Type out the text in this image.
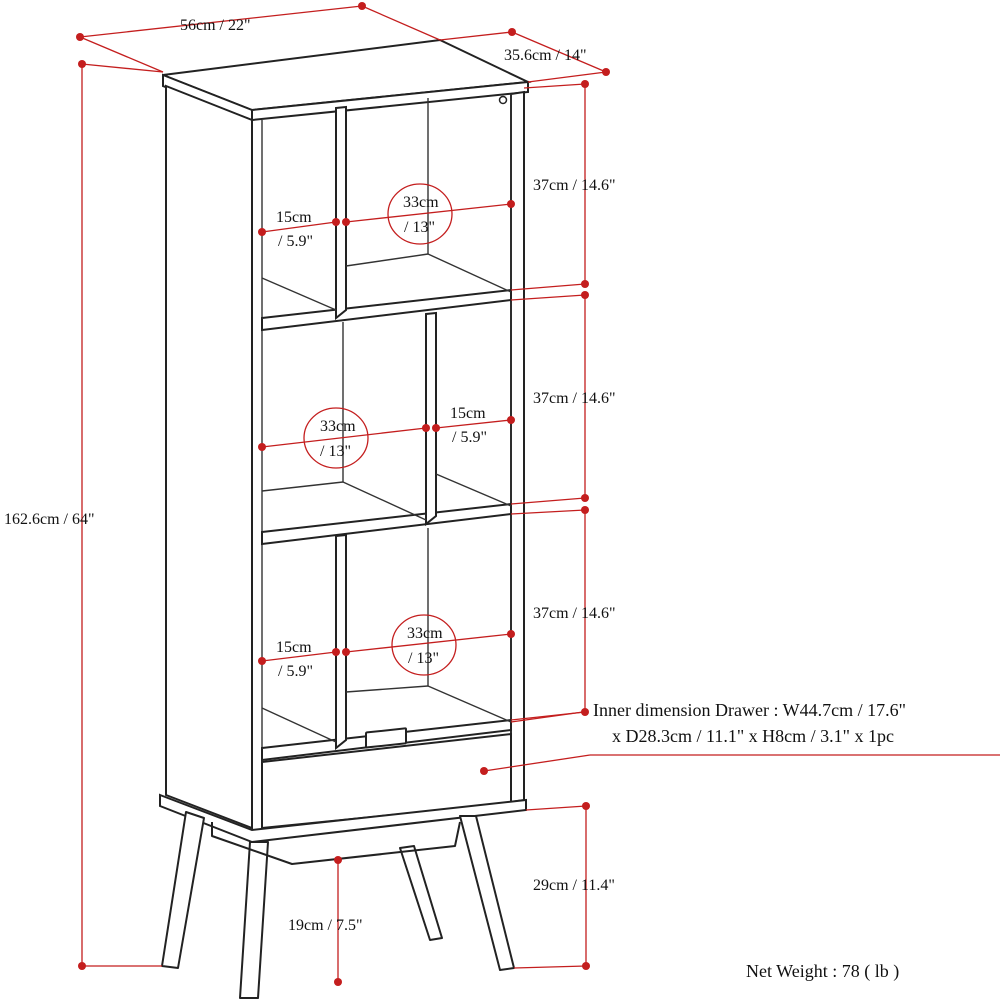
56cm / 22"
35.6cm / 14"
162.6cm / 64"
37cm / 14.6"
37cm / 14.6"
37cm / 14.6"
29cm / 11.4"
19cm / 7.5"
15cm
/ 5.9"
33cm
/ 13"
33cm
/ 13"
15cm
/ 5.9"
15cm
/ 5.9"
33cm
/ 13"
Inner dimension Drawer : W44.7cm / 17.6"
x D28.3cm / 11.1" x H8cm / 3.1" x 1pc
Net Weight : 78 ( lb )
